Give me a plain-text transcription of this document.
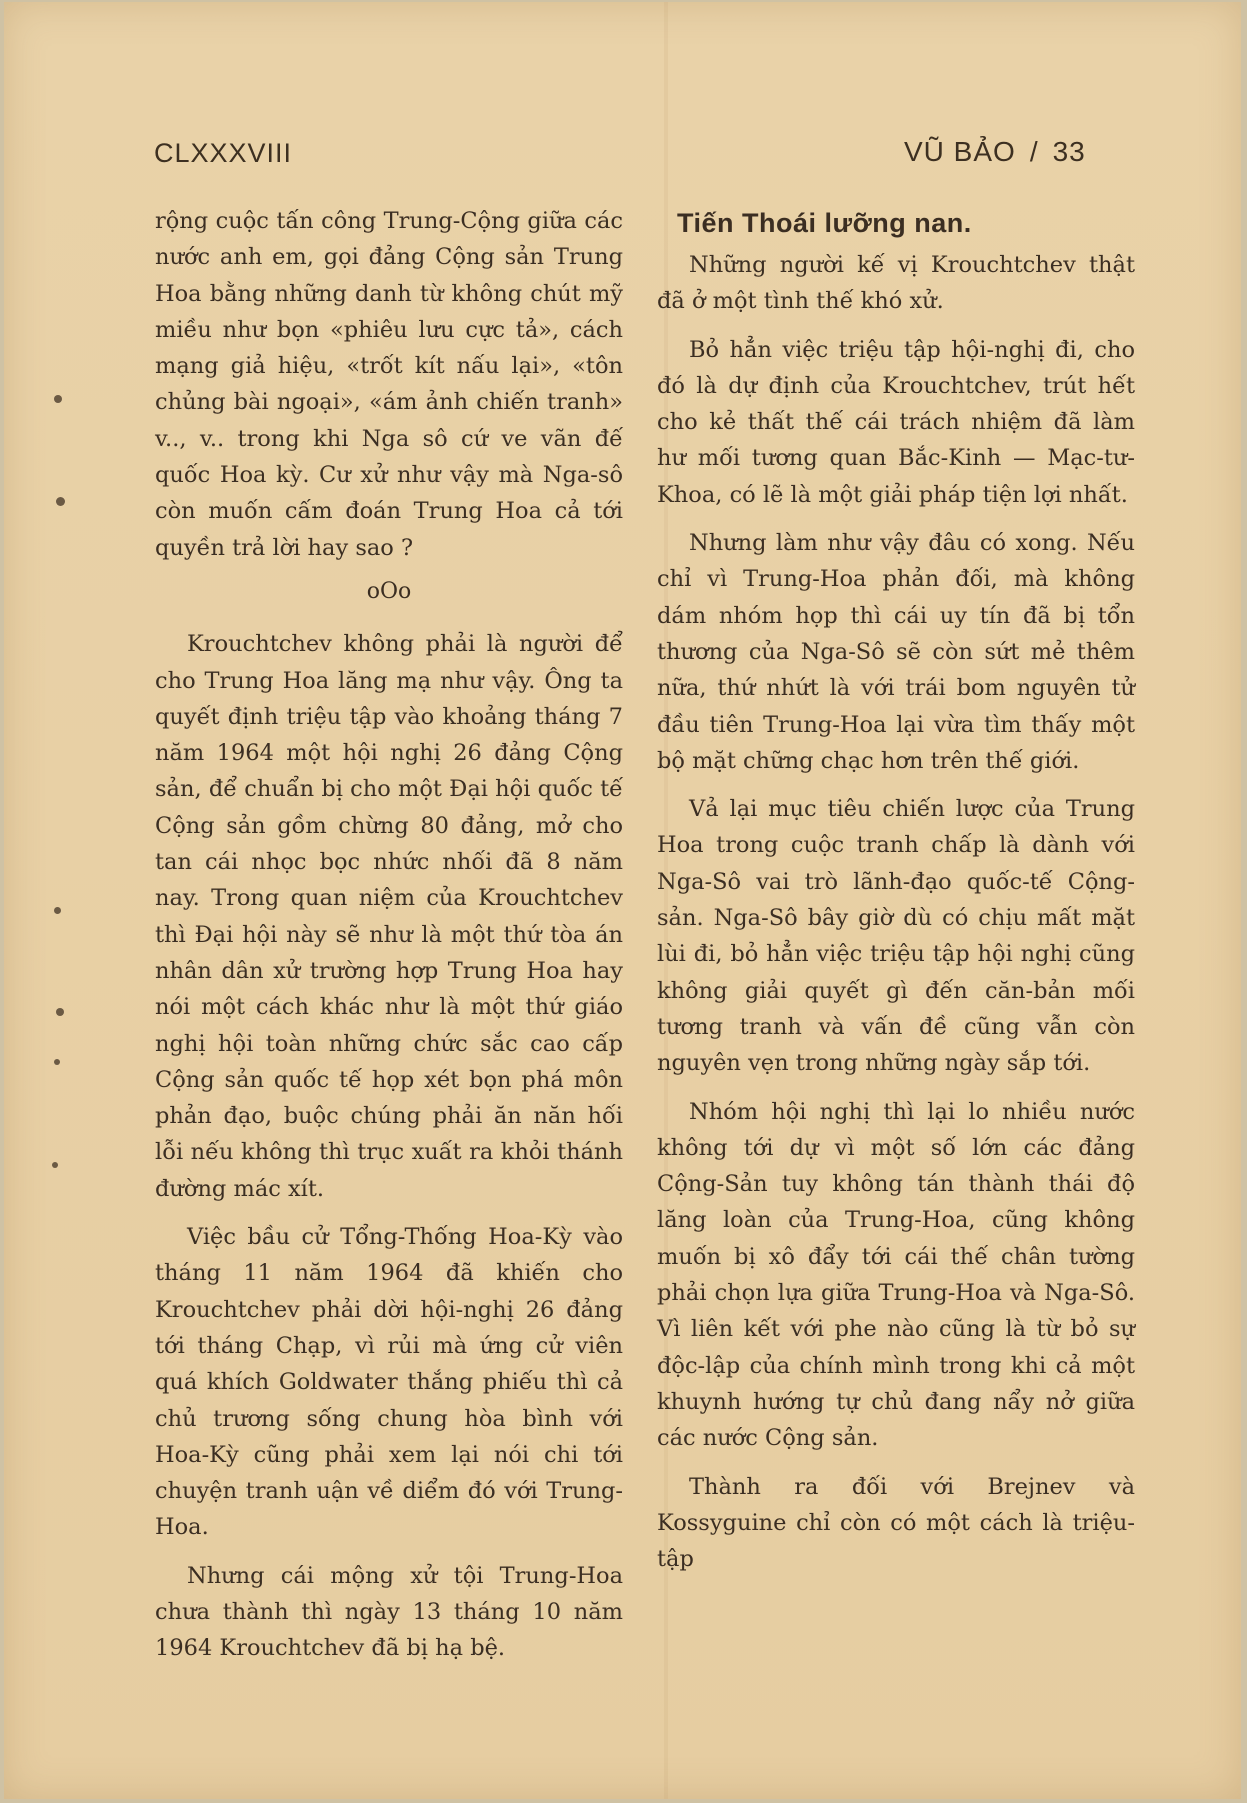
CLXXXVIII	VŨ BẢO / 33

rộng cuộc tấn công Trung-Cộng giữa các nước anh em, gọi đảng Cộng sản Trung Hoa bằng những danh từ không chút mỹ miều như bọn «phiêu lưu cực tả», cách mạng giả hiệu, «trốt kít nấu lại», «tôn chủng bài ngoại», «ám ảnh chiến tranh» v.., v.. trong khi Nga sô cứ ve vãn đế quốc Hoa kỳ. Cư xử như vậy mà Nga-sô còn muốn cấm đoán Trung Hoa cả tới quyền trả lời hay sao ?

oOo

Krouchtchev không phải là người để cho Trung Hoa lăng mạ như vậy. Ông ta quyết định triệu tập vào khoảng tháng 7 năm 1964 một hội nghị 26 đảng Cộng sản, để chuẩn bị cho một Đại hội quốc tế Cộng sản gồm chừng 80 đảng, mở cho tan cái nhọc bọc nhức nhối đã 8 năm nay. Trong quan niệm của Krouchtchev thì Đại hội này sẽ như là một thứ tòa án nhân dân xử trường hợp Trung Hoa hay nói một cách khác như là một thứ giáo nghị hội toàn những chức sắc cao cấp Cộng sản quốc tế họp xét bọn phá môn phản đạo, buộc chúng phải ăn năn hối lỗi nếu không thì trục xuất ra khỏi thánh đường mác xít.

Việc bầu cử Tổng-Thống Hoa-Kỳ vào tháng 11 năm 1964 đã khiến cho Krouchtchev phải dời hội-nghị 26 đảng tới tháng Chạp, vì rủi mà ứng cử viên quá khích Goldwater thắng phiếu thì cả chủ trương sống chung hòa bình với Hoa-Kỳ cũng phải xem lại nói chi tới chuyện tranh uận về diểm đó với Trung-Hoa.

Nhưng cái mộng xử tội Trung-Hoa chưa thành thì ngày 13 tháng 10 năm 1964 Krouchtchev đã bị hạ bệ.

Tiến Thoái lưỡng nan.

Những người kế vị Krouchtchev thật đã ở một tình thế khó xử.

Bỏ hẳn việc triệu tập hội-nghị đi, cho đó là dự định của Krouchtchev, trút hết cho kẻ thất thế cái trách nhiệm đã làm hư mối tương quan Bắc-Kinh — Mạc-tư-Khoa, có lẽ là một giải pháp tiện lợi nhất.

Nhưng làm như vậy đâu có xong. Nếu chỉ vì Trung-Hoa phản đối, mà không dám nhóm họp thì cái uy tín đã bị tổn thương của Nga-Sô sẽ còn sứt mẻ thêm nữa, thứ nhứt là với trái bom nguyên tử đầu tiên Trung-Hoa lại vừa tìm thấy một bộ mặt chững chạc hơn trên thế giới.

Vả lại mục tiêu chiến lược của Trung Hoa trong cuộc tranh chấp là dành với Nga-Sô vai trò lãnh-đạo quốc-tế Cộng-sản. Nga-Sô bây giờ dù có chịu mất mặt lùi đi, bỏ hẳn việc triệu tập hội nghị cũng không giải quyết gì đến căn-bản mối tương tranh và vấn đề cũng vẫn còn nguyên vẹn trong những ngày sắp tới.

Nhóm hội nghị thì lại lo nhiều nước không tới dự vì một số lớn các đảng Cộng-Sản tuy không tán thành thái độ lăng loàn của Trung-Hoa, cũng không muốn bị xô đẩy tới cái thế chân tường phải chọn lựa giữa Trung-Hoa và Nga-Sô. Vì liên kết với phe nào cũng là từ bỏ sự độc-lập của chính mình trong khi cả một khuynh hướng tự chủ đang nẩy nở giữa các nước Cộng sản.

Thành ra đối với Brejnev và Kossyguine chỉ còn có một cách là triệu-tập
